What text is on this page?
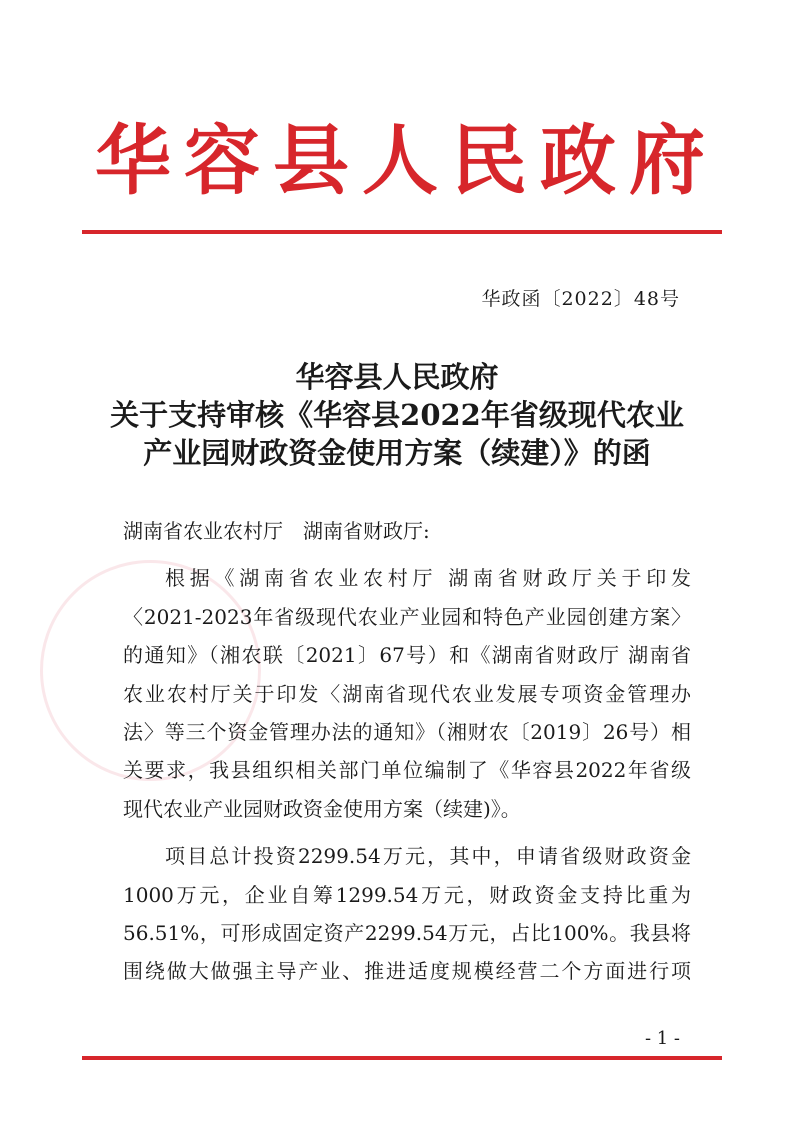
华 容 县 人 民 政 府
华政函〔2022〕48号
华容县人民政府
关于支持审核《华容县2022年省级现代农业
产业园财政资金使用方案（续建）》的函
湖南省农业农村厅　湖南省财政厅:
根据《湖南省农业农村厅 湖南省财政厅关于印发
〈2021-2023年省级现代农业产业园和特色产业园创建方案〉
的通知》（湘农联〔2021〕67号）和《湖南省财政厅 湖南省
农业农村厅关于印发〈湖南省现代农业发展专项资金管理办
法〉等三个资金管理办法的通知》（湘财农〔2019〕26号）相
关要求，我县组织相关部门单位编制了《华容县2022年省级
现代农业产业园财政资金使用方案（续建)》。
项目总计投资2299.54万元，其中，申请省级财政资金
1000万元，企业自筹1299.54万元，财政资金支持比重为
56.51%，可形成固定资产2299.54万元，占比100%。我县将
围绕做大做强主导产业、推进适度规模经营二个方面进行项
- 1 -
